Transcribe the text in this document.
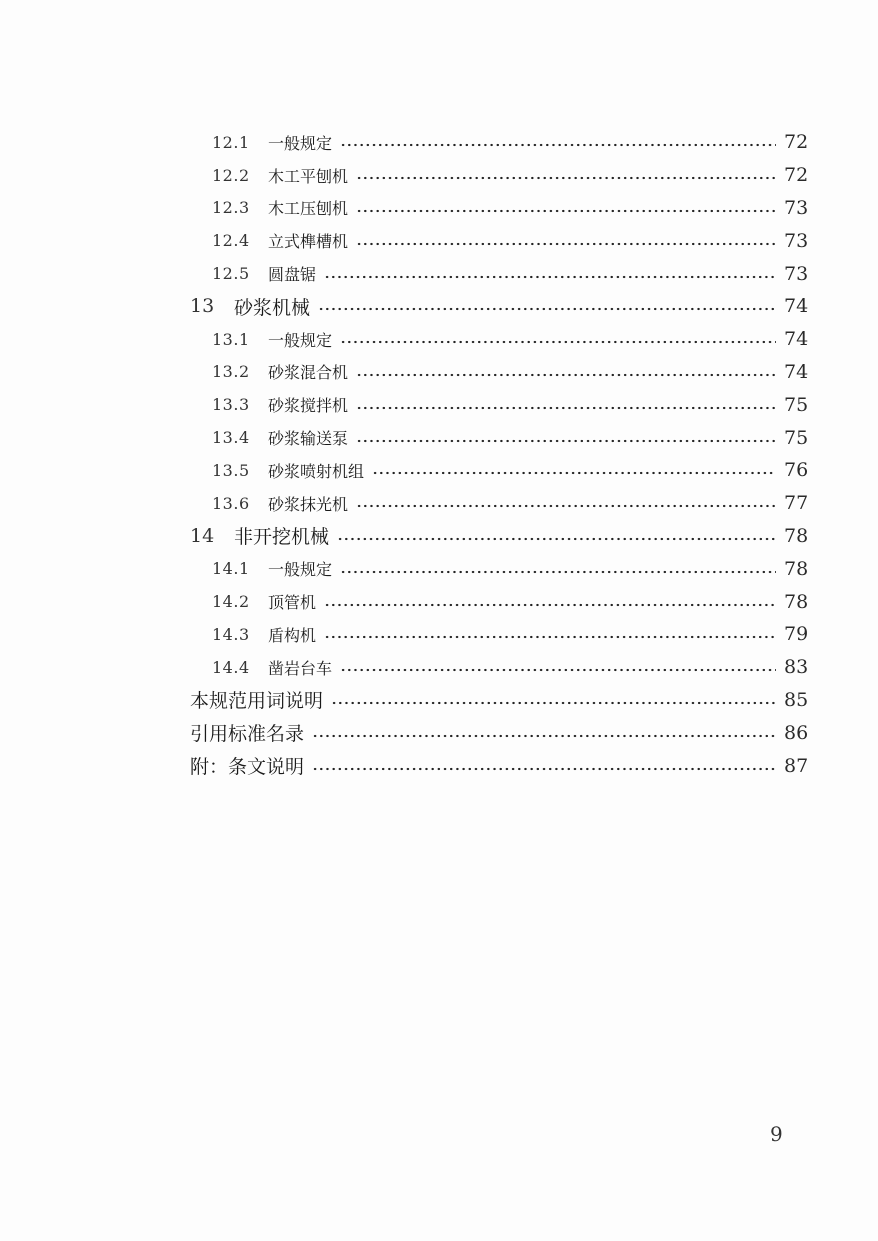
12.1	一般规定	72
12.2	木工平刨机	72
12.3	木工压刨机	73
12.4	立式榫槽机	73
12.5	圆盘锯	73
13	砂浆机械	74
13.1	一般规定	74
13.2	砂浆混合机	74
13.3	砂浆搅拌机	75
13.4	砂浆输送泵	75
13.5	砂浆喷射机组	76
13.6	砂浆抹光机	77
14	非开挖机械	78
14.1	一般规定	78
14.2	顶管机	78
14.3	盾构机	79
14.4	凿岩台车	83
本规范用词说明	85
引用标准名录	86
附：条文说明	87
9
